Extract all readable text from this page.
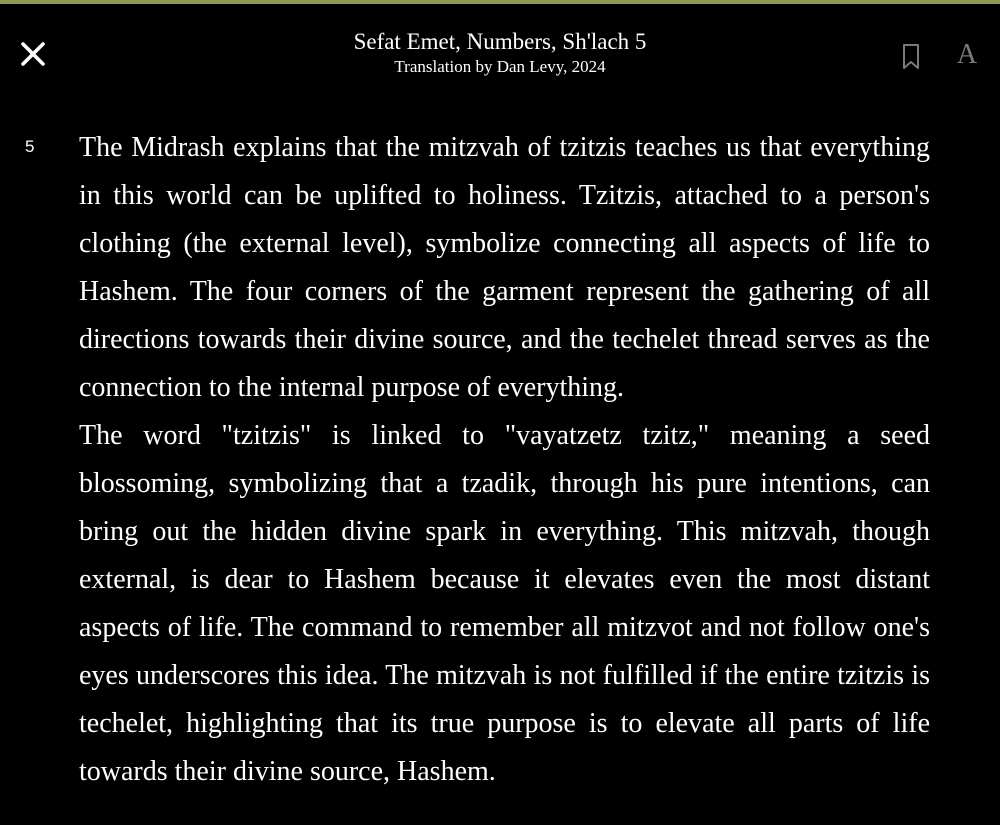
Sefat Emet, Numbers, Sh'lach 5
Translation by Dan Levy, 2024	A
5	The Midrash explains that the mitzvah of tzitzis teaches us that everything in this world can be uplifted to holiness. Tzitzis, attached to a person's clothing (the external level), symbolize connecting all aspects of life to Hashem. The four corners of the garment represent the gathering of all directions towards their divine source, and the techelet thread serves as the connection to the internal purpose of everything.

The word "tzitzis" is linked to "vayatzetz tzitz," meaning a seed blossoming, symbolizing that a tzadik, through his pure intentions, can bring out the hidden divine spark in everything. This mitzvah, though external, is dear to Hashem because it elevates even the most distant aspects of life. The command to remember all mitzvot and not follow one's eyes underscores this idea. The mitzvah is not fulfilled if the entire tzitzis is techelet, highlighting that its true purpose is to elevate all parts of life towards their divine source, Hashem.
